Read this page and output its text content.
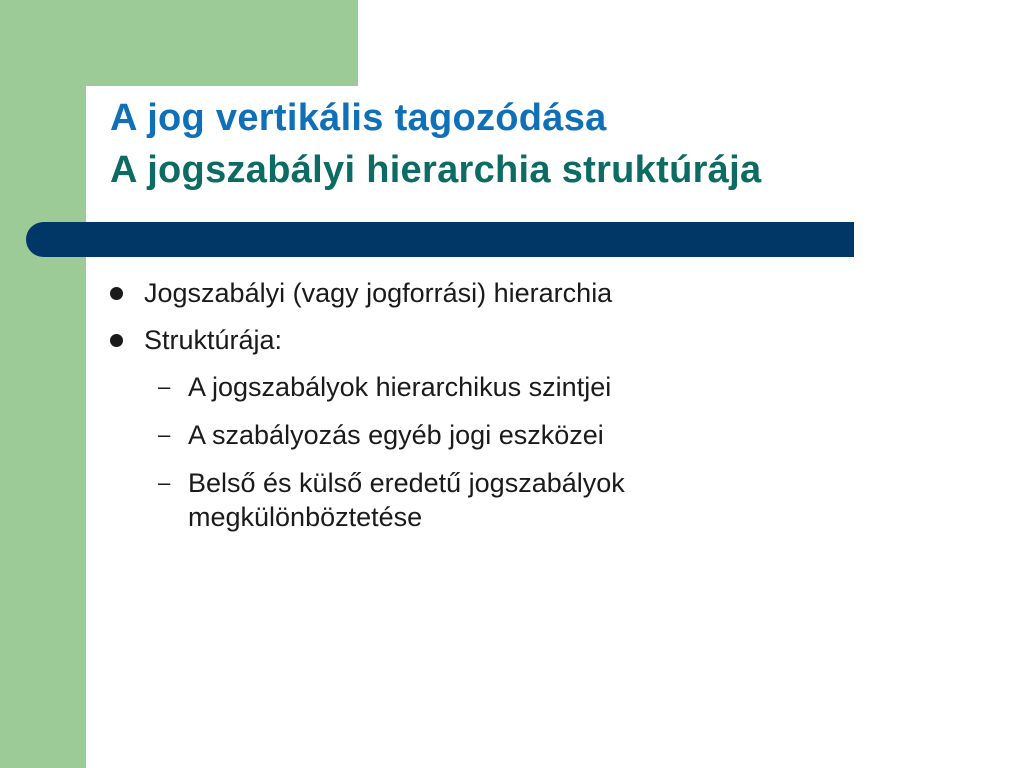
A jog vertikális tagozódása
A jogszabályi hierarchia struktúrája
Jogszabályi (vagy jogforrási) hierarchia
Struktúrája:
– A jogszabályok hierarchikus szintjei
– A szabályozás egyéb jogi eszközei
– Belső és külső eredetű jogszabályok megkülönböztetése
